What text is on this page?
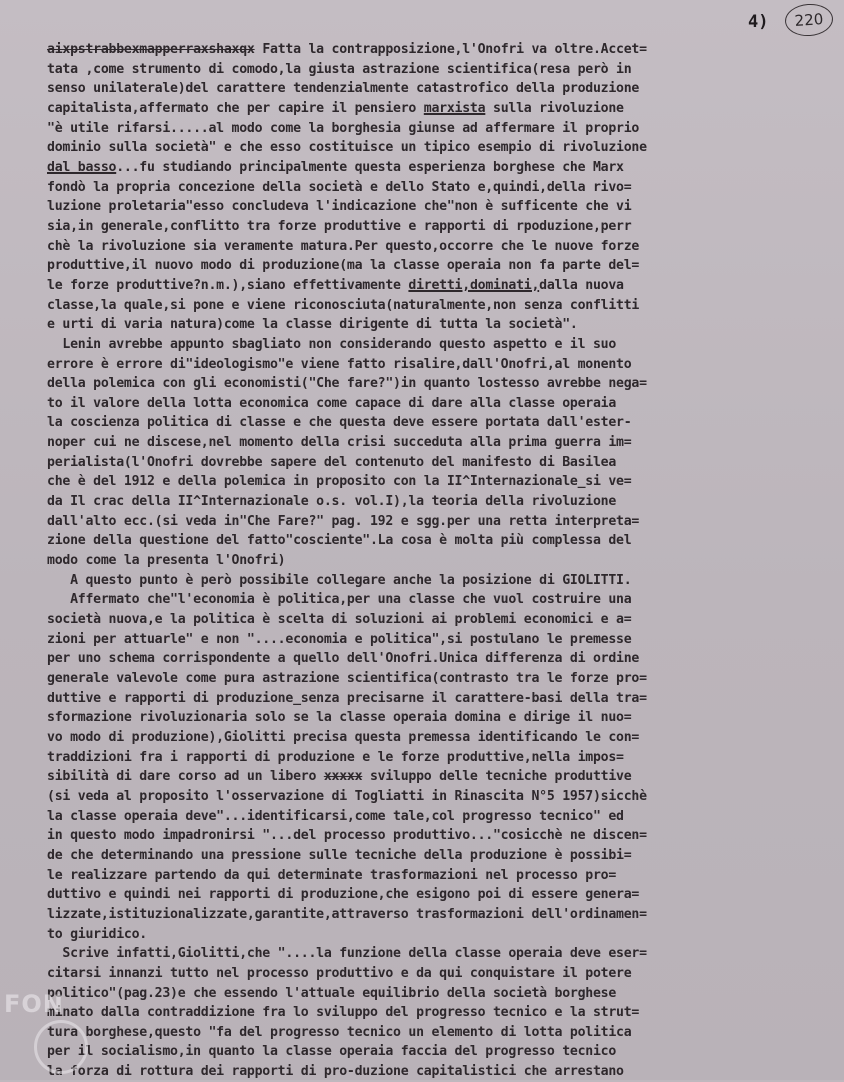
4)	220
aixpstrabbexmapperraxshaxqx Fatta la contrapposizione,l'Onofri va oltre.Accet=
tata ,come strumento di comodo,la giusta astrazione scientifica(resa però in
senso unilaterale)del carattere tendenzialmente catastrofico della produzione
capitalista,affermato che per capire il pensiero marxista sulla rivoluzione
"è utile rifarsi.....al modo come la borghesia giunse ad affermare il proprio
dominio sulla società" e che esso costituisce un tipico esempio di rivoluzione
dal basso...fu studiando principalmente questa esperienza borghese che Marx
fondò la propria concezione della società e dello Stato e,quindi,della rivo=
luzione proletaria"esso concludeva l'indicazione che"non è sufficente che vi
sia,in generale,conflitto tra forze produttive e rapporti di rpoduzione,perr
chè la rivoluzione sia veramente matura.Per questo,occorre che le nuove forze
produttive,il nuovo modo di produzione(ma la classe operaia non fa parte del=
le forze produttive?n.m.),siano effettivamente diretti,dominati,dalla nuova
classe,la quale,si pone e viene riconosciuta(naturalmente,non senza conflitti
e urti di varia natura)come la classe dirigente di tutta la società".
Lenin avrebbe appunto sbagliato non considerando questo aspetto e il suo
errore è errore di"ideologismo"e viene fatto risalire,dall'Onofri,al monento
della polemica con gli economisti("Che fare?")in quanto lostesso avrebbe nega=
to il valore della lotta economica come capace di dare alla classe operaia
la coscienza politica di classe e che questa deve essere portata dall'ester-
noper cui ne discese,nel momento della crisi succeduta alla prima guerra im=
perialista(l'Onofri dovrebbe sapere del contenuto del manifesto di Basilea
che è del 1912 e della polemica in proposito con la II^Internazionale_si ve=
da Il crac della II^Internazionale o.s. vol.I),la teoria della rivoluzione
dall'alto ecc.(si veda in"Che Fare?" pag. 192 e sgg.per una retta interpreta=
zione della questione del fatto"cosciente".La cosa è molta più complessa del
modo come la presenta l'Onofri)
A questo punto è però possibile collegare anche la posizione di GIOLITTI.
Affermato che"l'economia è politica,per una classe che vuol costruire una
società nuova,e la politica è scelta di soluzioni ai problemi economici e a=
zioni per attuarle" e non "....economia e politica",si postulano le premesse
per uno schema corrispondente a quello dell'Onofri.Unica differenza di ordine
generale valevole come pura astrazione scientifica(contrasto tra le forze pro=
duttive e rapporti di produzione_senza precisarne il carattere-basi della tra=
sformazione rivoluzionaria solo se la classe operaia domina e dirige il nuo=
vo modo di produzione),Giolitti precisa questa premessa identificando le con=
traddizioni fra i rapporti di produzione e le forze produttive,nella impos=
sibilità di dare corso ad un libero xxxxx sviluppo delle tecniche produttive
(si veda al proposito l'osservazione di Togliatti in Rinascita N°5 1957)sicchè
la classe operaia deve"...identificarsi,come tale,col progresso tecnico" ed
in questo modo impadronirsi "...del processo produttivo..."cosicchè ne discen=
de che determinando una pressione sulle tecniche della produzione è possibi=
le realizzare partendo da qui determinate trasformazioni nel processo pro=
duttivo e quindi nei rapporti di produzione,che esigono poi di essere genera=
lizzate,istituzionalizzate,garantite,attraverso trasformazioni dell'ordinamen=
to giuridico.
Scrive infatti,Giolitti,che "....la funzione della classe operaia deve eser=
citarsi innanzi tutto nel processo produttivo e da qui conquistare il potere
politico"(pag.23)e che essendo l'attuale equilibrio della società borghese
minato dalla contraddizione fra lo sviluppo del progresso tecnico e la strut=
tura borghese,questo "fa del progresso tecnico un elemento di lotta politica
per il socialismo,in quanto la classe operaia faccia del progresso tecnico
la forza di rottura dei rapporti di pro-duzione capitalistici che arrestano
FON
